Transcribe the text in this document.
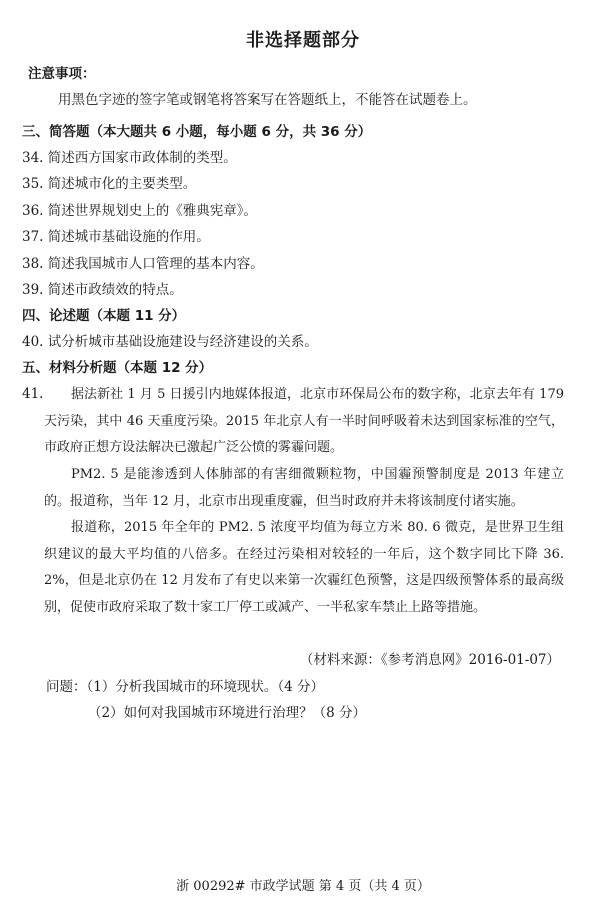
非选择题部分
注意事项：
用黑色字迹的签字笔或钢笔将答案写在答题纸上，不能答在试题卷上。
三、简答题（本大题共 6 小题，每小题 6 分，共 36 分）
34. 简述西方国家市政体制的类型。
35. 简述城市化的主要类型。
36. 简述世界规划史上的《雅典宪章》。
37. 简述城市基础设施的作用。
38. 简述我国城市人口管理的基本内容。
39. 简述市政绩效的特点。
四、论述题（本题 11 分）
40. 试分析城市基础设施建设与经济建设的关系。
五、材料分析题（本题 12 分）
41.	据法新社 1 月 5 日援引内地媒体报道，北京市环保局公布的数字称，北京去年有 179 天污染，其中 46 天重度污染。2015 年北京人有一半时间呼吸着未达到国家标准的空气，市政府正想方设法解决已激起广泛公愤的雾霾问题。
PM2. 5 是能渗透到人体肺部的有害细微颗粒物，中国霾预警制度是 2013 年建立的。报道称，当年 12 月，北京市出现重度霾，但当时政府并未将该制度付诸实施。
报道称，2015 年全年的 PM2. 5 浓度平均值为每立方米 80. 6 微克，是世界卫生组织建议的最大平均值的八倍多。在经过污染相对较轻的一年后，这个数字同比下降 36. 2%，但是北京仍在 12 月发布了有史以来第一次霾红色预警，这是四级预警体系的最高级别，促使市政府采取了数十家工厂停工或减产、一半私家车禁止上路等措施。
（材料来源：《参考消息网》2016-01-07）
问题：（1）分析我国城市的环境现状。（4 分）
（2）如何对我国城市环境进行治理？（8 分）
浙 00292# 市政学试题 第 4 页（共 4 页）
